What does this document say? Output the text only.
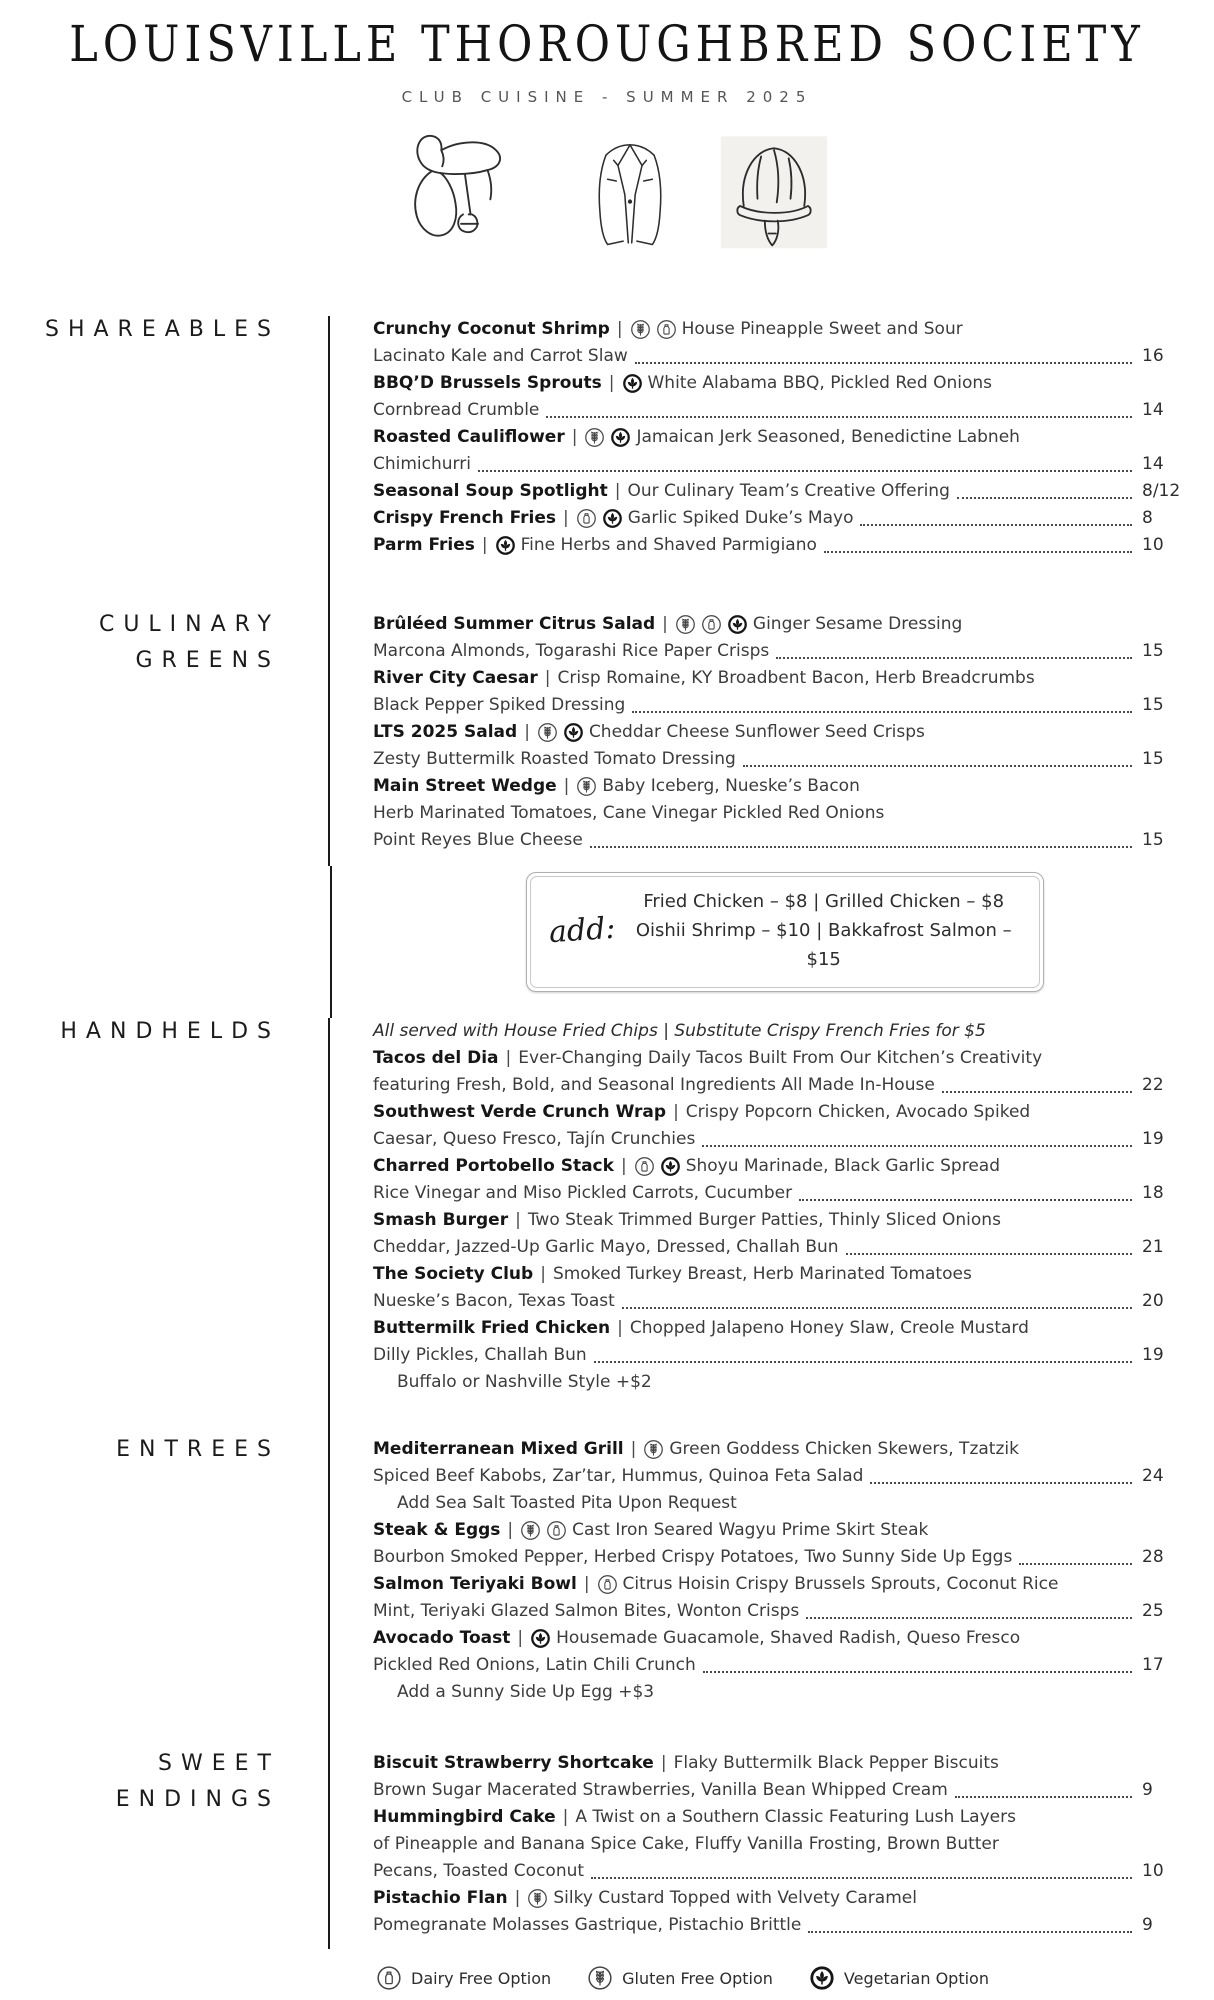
LOUISVILLE THOROUGHBRED SOCIETY
CLUB CUISINE - SUMMER 2025
SHAREABLES	Crunchy Coconut Shrimp |	House Pineapple Sweet and Sour
Lacinato Kale and Carrot Slaw	16
BBQ’D Brussels Sprouts | White Alabama BBQ, Pickled Red Onions
Cornbread Crumble	14
Roasted Cauliflower |	Jamaican Jerk Seasoned, Benedictine Labneh
Chimichurri	14
Seasonal Soup Spotlight | Our Culinary Team’s Creative Offering	8/12
Crispy French Fries |	Garlic Spiked Duke’s Mayo	8
Parm Fries | Fine Herbs and Shaved Parmigiano	10
CULINARY
GREENS
Brûléed Summer Citrus Salad |	Ginger Sesame Dressing
Marcona Almonds, Togarashi Rice Paper Crisps	15
River City Caesar | Crisp Romaine, KY Broadbent Bacon, Herb Breadcrumbs
Black Pepper Spiked Dressing	15
LTS 2025 Salad |	Cheddar Cheese Sunflower Seed Crisps
Zesty Buttermilk Roasted Tomato Dressing	15
Main Street Wedge | Baby Iceberg, Nueske’s Bacon
Herb Marinated Tomatoes, Cane Vinegar Pickled Red Onions
Point Reyes Blue Cheese	15
add:
Fried Chicken – $8 | Grilled Chicken – $8
Oishii Shrimp – $10 | Bakkafrost Salmon – $15
HANDHELDS	All served with House Fried Chips | Substitute Crispy French Fries for $5
Tacos del Dia | Ever-Changing Daily Tacos Built From Our Kitchen’s Creativity
featuring Fresh, Bold, and Seasonal Ingredients All Made In-House	22
Southwest Verde Crunch Wrap | Crispy Popcorn Chicken, Avocado Spiked
Caesar, Queso Fresco, Tajín Crunchies	19
Charred Portobello Stack |	Shoyu Marinade, Black Garlic Spread
Rice Vinegar and Miso Pickled Carrots, Cucumber	18
Smash Burger | Two Steak Trimmed Burger Patties, Thinly Sliced Onions
Cheddar, Jazzed-Up Garlic Mayo, Dressed, Challah Bun	21
The Society Club | Smoked Turkey Breast, Herb Marinated Tomatoes
Nueske’s Bacon, Texas Toast	20
Buttermilk Fried Chicken | Chopped Jalapeno Honey Slaw, Creole Mustard
Dilly Pickles, Challah Bun	19
Buffalo or Nashville Style +$2
ENTREES	Mediterranean Mixed Grill | Green Goddess Chicken Skewers, Tzatzik
Spiced Beef Kabobs, Zar’tar, Hummus, Quinoa Feta Salad	24
Add Sea Salt Toasted Pita Upon Request
Steak & Eggs |	Cast Iron Seared Wagyu Prime Skirt Steak
Bourbon Smoked Pepper, Herbed Crispy Potatoes, Two Sunny Side Up Eggs	28
Salmon Teriyaki Bowl | Citrus Hoisin Crispy Brussels Sprouts, Coconut Rice
Mint, Teriyaki Glazed Salmon Bites, Wonton Crisps	25
Avocado Toast | Housemade Guacamole, Shaved Radish, Queso Fresco
Pickled Red Onions, Latin Chili Crunch	17
Add a Sunny Side Up Egg +$3
SWEET
ENDINGS
Biscuit Strawberry Shortcake | Flaky Buttermilk Black Pepper Biscuits
Brown Sugar Macerated Strawberries, Vanilla Bean Whipped Cream	9
Hummingbird Cake | A Twist on a Southern Classic Featuring Lush Layers
of Pineapple and Banana Spice Cake, Fluffy Vanilla Frosting, Brown Butter
Pecans, Toasted Coconut	10
Pistachio Flan | Silky Custard Topped with Velvety Caramel
Pomegranate Molasses Gastrique, Pistachio Brittle	9
Dairy Free Option	Gluten Free Option	Vegetarian Option
